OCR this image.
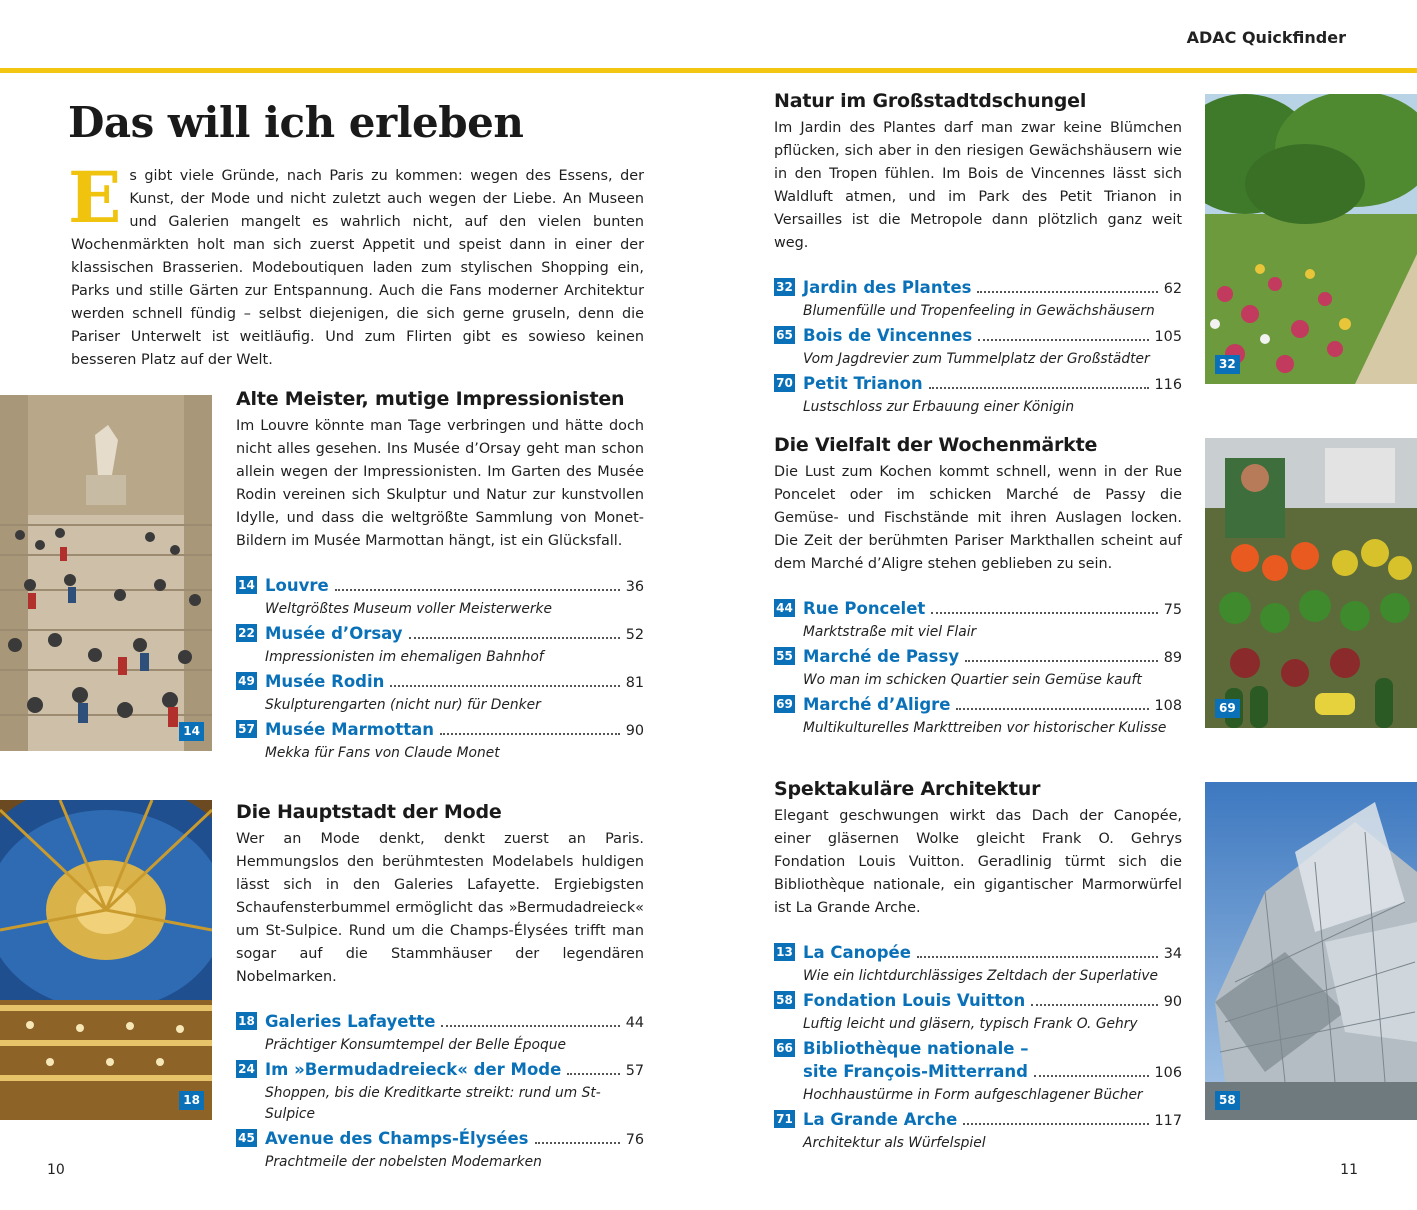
ADAC Quickfinder
Das will ich erleben
Es gibt viele Gründe, nach Paris zu kommen: wegen des Essens, der Kunst, der Mode und nicht zuletzt auch wegen der Liebe. An Museen und Galerien mangelt es wahrlich nicht, auf den vielen bunten Wochenmärkten holt man sich zuerst Appetit und speist dann in einer der klassischen Brasserien. Modeboutiquen laden zum stylischen Shopping ein, Parks und stille Gärten zur Entspannung. Auch die Fans moderner Architektur werden schnell fündig – selbst diejenigen, die sich gerne gruseln, denn die Pariser Unterwelt ist weitläufig. Und zum Flirten gibt es sowieso keinen besseren Platz auf der Welt.
14
18
32
69
58
Alte Meister, mutige Impressionisten

Im Louvre könnte man Tage verbringen und hätte doch nicht alles gesehen. Ins Musée d’Orsay geht man schon allein wegen der Impressionisten. Im Garten des Musée Rodin vereinen sich Skulptur und Natur zur kunstvollen Idylle, und dass die weltgrößte Sammlung von Monet-Bildern im Musée Marmottan hängt, ist ein Glücksfall.

14 Louvre	36
Weltgrößtes Museum voller Meisterwerke
22 Musée d’Orsay	52
Impressionisten im ehemaligen Bahnhof
49 Musée Rodin	81
Skulpturengarten (nicht nur) für Denker
57 Musée Marmottan	90
Mekka für Fans von Claude Monet
Die Hauptstadt der Mode

Wer an Mode denkt, denkt zuerst an Paris. Hemmungslos den berühmtesten Modelabels huldigen lässt sich in den Galeries Lafayette. Ergiebigsten Schaufensterbummel ermöglicht das »Bermudadreieck« um St-Sulpice. Rund um die Champs-Élysées trifft man sogar auf die Stammhäuser der legendären Nobelmarken.

18 Galeries Lafayette	44
Prächtiger Konsumtempel der Belle Époque
24 Im »Bermudadreieck« der Mode	57
Shoppen, bis die Kreditkarte streikt: rund um St-Sulpice
45 Avenue des Champs-Élysées	76
Prachtmeile der nobelsten Modemarken
Natur im Großstadtdschungel

Im Jardin des Plantes darf man zwar keine Blümchen pflücken, sich aber in den riesigen Gewächshäusern wie in den Tropen fühlen. Im Bois de Vincennes lässt sich Waldluft atmen, und im Park des Petit Trianon in Versailles ist die Metropole dann plötzlich ganz weit weg.

32 Jardin des Plantes	62
Blumenfülle und Tropenfeeling in Gewächshäusern
65 Bois de Vincennes	105
Vom Jagdrevier zum Tummelplatz der Großstädter
70 Petit Trianon	116
Lustschloss zur Erbauung einer Königin
Die Vielfalt der Wochenmärkte

Die Lust zum Kochen kommt schnell, wenn in der Rue Poncelet oder im schicken Marché de Passy die Gemüse- und Fischstände mit ihren Auslagen locken. Die Zeit der berühmten Pariser Markthallen scheint auf dem Marché d’Aligre stehen geblieben zu sein.

44 Rue Poncelet	75
Marktstraße mit viel Flair
55 Marché de Passy	89
Wo man im schicken Quartier sein Gemüse kauft
69 Marché d’Aligre	108
Multikulturelles Markttreiben vor historischer Kulisse
Spektakuläre Architektur

Elegant geschwungen wirkt das Dach der Canopée, einer gläsernen Wolke gleicht Frank O. Gehrys Fondation Louis Vuitton. Geradlinig türmt sich die Bibliothèque nationale, ein gigantischer Marmorwürfel ist La Grande Arche.

13 La Canopée	34
Wie ein lichtdurchlässiges Zeltdach der Superlative
58 Fondation Louis Vuitton	90
Luftig leicht und gläsern, typisch Frank O. Gehry
66 Bibliothèque nationale –
site François-Mitterrand	106
Hochhaustürme in Form aufgeschlagener Bücher
71 La Grande Arche	117
Architektur als Würfelspiel
10	11
